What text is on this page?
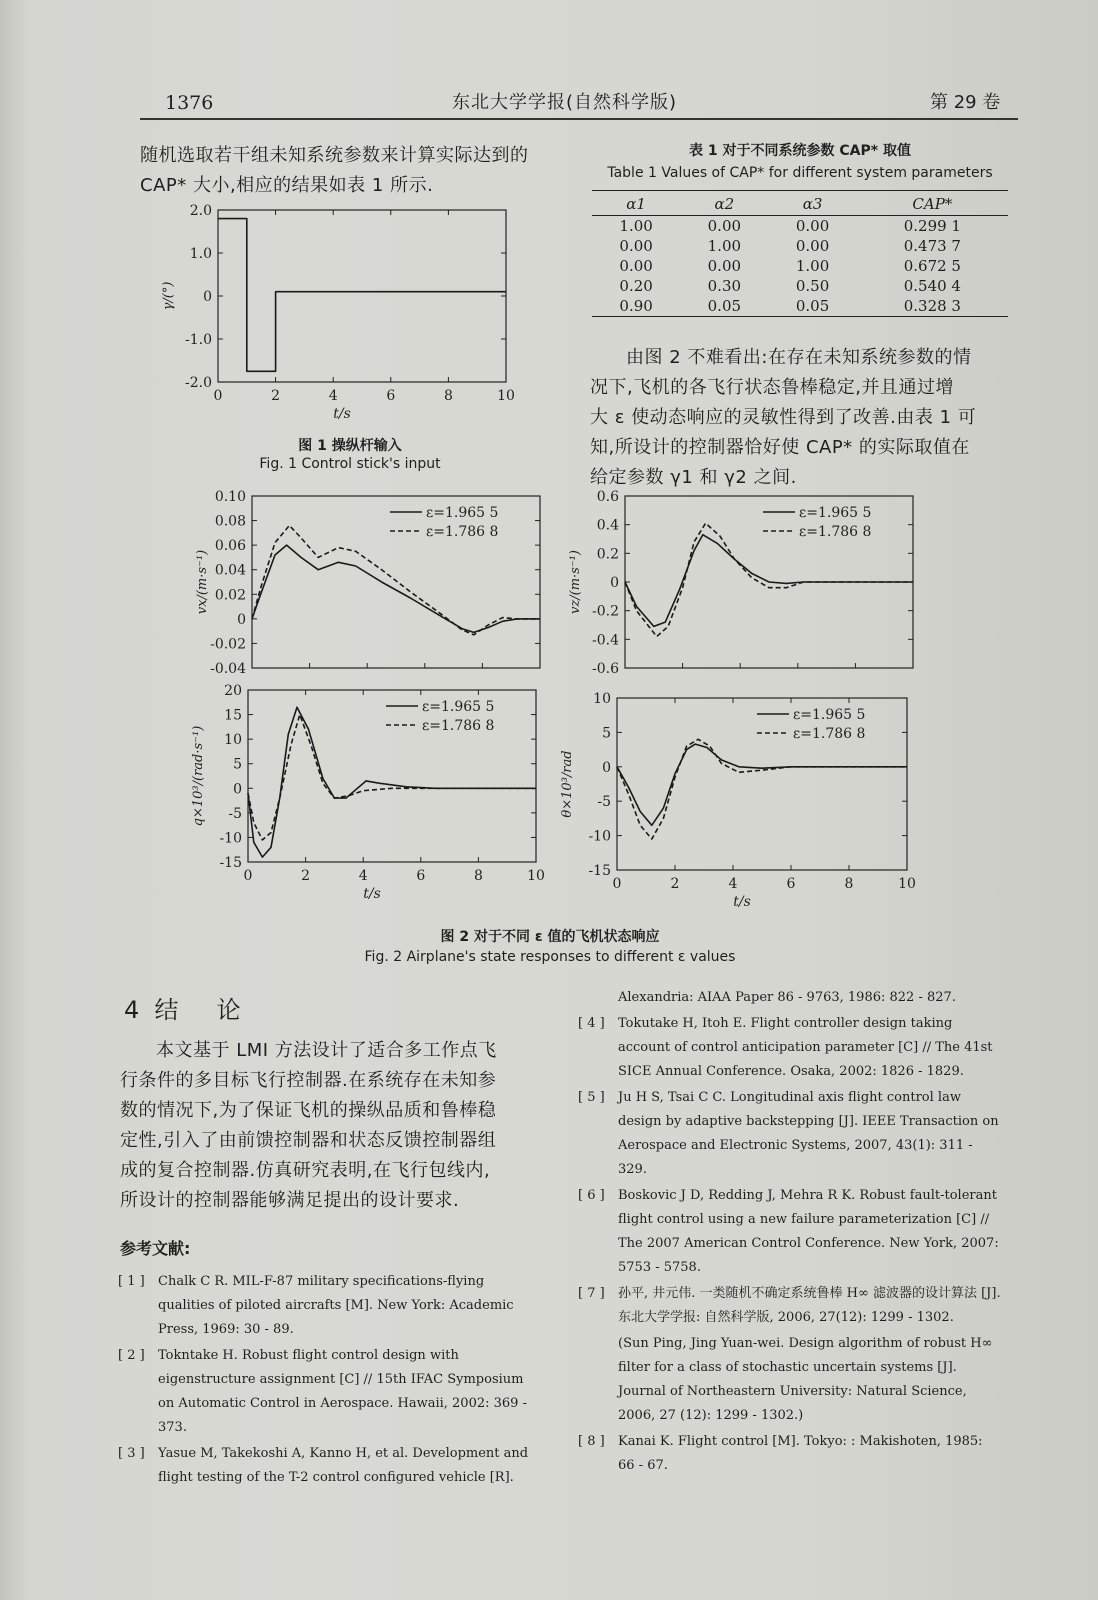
1376	东北大学学报(自然科学版)	第 29 卷
随机选取若干组未知系统参数来计算实际达到的
CAP* 大小,相应的结果如表 1 所示.
表 1 对于不同系统参数 CAP* 取值
Table 1 Values of CAP* for different system parameters
α1	α2	α3	CAP*
1.00	0.00	0.00	0.299 1
0.00	1.00	0.00	0.473 7
0.00	0.00	1.00	0.672 5
0.20	0.30	0.50	0.540 4
0.90	0.05	0.05	0.328 3
2.0
1.0
0
-1.0
-2.0
0	2	4	6	8	10
t/s
γ/(°)
图 1 操纵杆输入
Fig. 1 Control stick's input
由图 2 不难看出:在存在未知系统参数的情
况下,飞机的各飞行状态鲁棒稳定,并且通过增
大 ε 使动态响应的灵敏性得到了改善.由表 1 可
知,所设计的控制器恰好使 CAP* 的实际取值在
给定参数 γ1 和 γ2 之间.
0.10
0.08
0.06
0.04
0.02
0
-0.02
-0.04
vx/(m·s⁻¹)
ε=1.965 5
ε=1.786 8
0.6
0.4
0.2
0
-0.2
-0.4
-0.6
vz/(m·s⁻¹)
ε=1.965 5
ε=1.786 8
20
15
10
5
0
-5
-10
-15
0	2	4	6	8	10
t/s
q×10³/(rad·s⁻¹)
ε=1.965 5
ε=1.786 8
10
5
0
-5
-10
-15
0	2	4	6	8	10
t/s
θ×10³/rad
ε=1.965 5
ε=1.786 8
图 2 对于不同 ε 值的飞机状态响应
Fig. 2 Airplane's state responses to different ε values
4  结     论
本文基于 LMI 方法设计了适合多工作点飞
行条件的多目标飞行控制器.在系统存在未知参
数的情况下,为了保证飞机的操纵品质和鲁棒稳
定性,引入了由前馈控制器和状态反馈控制器组
成的复合控制器.仿真研究表明,在飞行包线内,
所设计的控制器能够满足提出的设计要求.
参考文献:
[ 1 ] Chalk C R. MIL-F-87 military specifications-flying qualities of piloted aircrafts [M]. New York: Academic Press, 1969: 30 - 89.
[ 2 ] Tokntake H. Robust flight control design with eigenstructure assignment [C] // 15th IFAC Symposium on Automatic Control in Aerospace. Hawaii, 2002: 369 - 373.
[ 3 ] Yasue M, Takekoshi A, Kanno H, et al. Development and flight testing of the T-2 control configured vehicle [R].
Alexandria: AIAA Paper 86 - 9763, 1986: 822 - 827.
[ 4 ] Tokutake H, Itoh E. Flight controller design taking account of control anticipation parameter [C] // The 41st SICE Annual Conference. Osaka, 2002: 1826 - 1829.
[ 5 ] Ju H S, Tsai C C. Longitudinal axis flight control law design by adaptive backstepping [J]. IEEE Transaction on Aerospace and Electronic Systems, 2007, 43(1): 311 - 329.
[ 6 ] Boskovic J D, Redding J, Mehra R K. Robust fault-tolerant flight control using a new failure parameterization [C] // The 2007 American Control Conference. New York, 2007: 5753 - 5758.
[ 7 ] 孙平, 井元伟. 一类随机不确定系统鲁棒 H∞ 滤波器的设计算法 [J]. 东北大学学报: 自然科学版, 2006, 27(12): 1299 - 1302.
(Sun Ping, Jing Yuan-wei. Design algorithm of robust H∞ filter for a class of stochastic uncertain systems [J]. Journal of Northeastern University: Natural Science, 2006, 27 (12): 1299 - 1302.)
[ 8 ] Kanai K. Flight control [M]. Tokyo: : Makishoten, 1985: 66 - 67.
